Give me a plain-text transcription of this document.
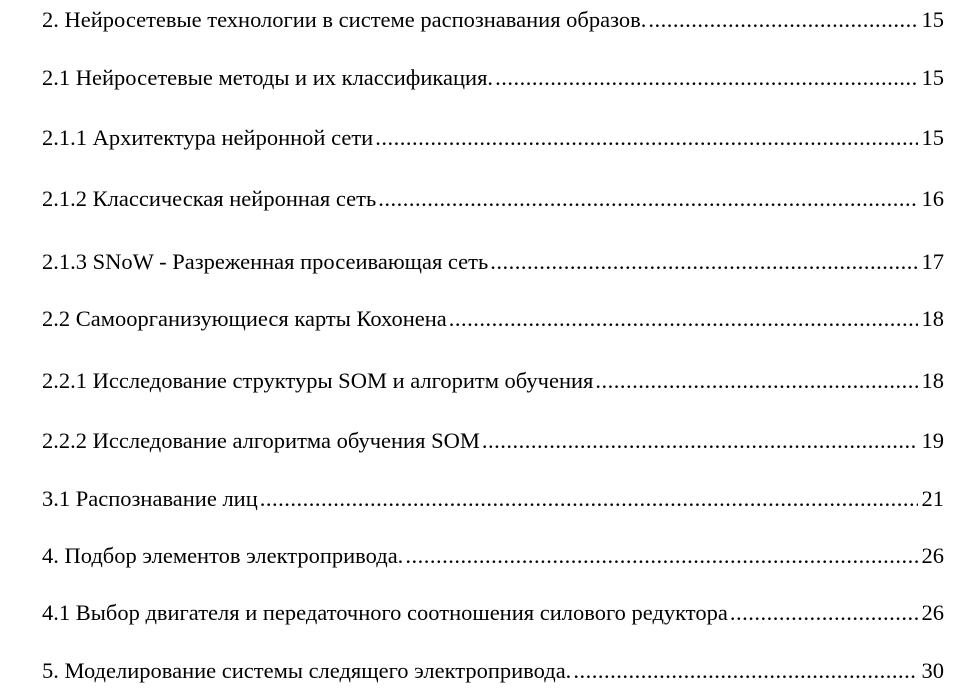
2. Нейросетевые технологии в системе распознавания образов. .....	15
2.1 Нейросетевые методы и их классификация. .....	15
2.1.1 Архитектура нейронной сети .....	15
2.1.2 Классическая нейронная сеть .....	16
2.1.3 SNoW - Разреженная просеивающая сеть .....	17
2.2 Самоорганизующиеся карты Кохонена .....	18
2.2.1 Исследование структуры SOM и алгоритм обучения .....	18
2.2.2 Исследование алгоритма обучения SOM .....	19
3.1 Распознавание лиц .....	21
4. Подбор элементов электропривода. .....	26
4.1 Выбор двигателя и передаточного соотношения силового редуктора .....	26
5. Моделирование системы следящего электропривода. .....	30
